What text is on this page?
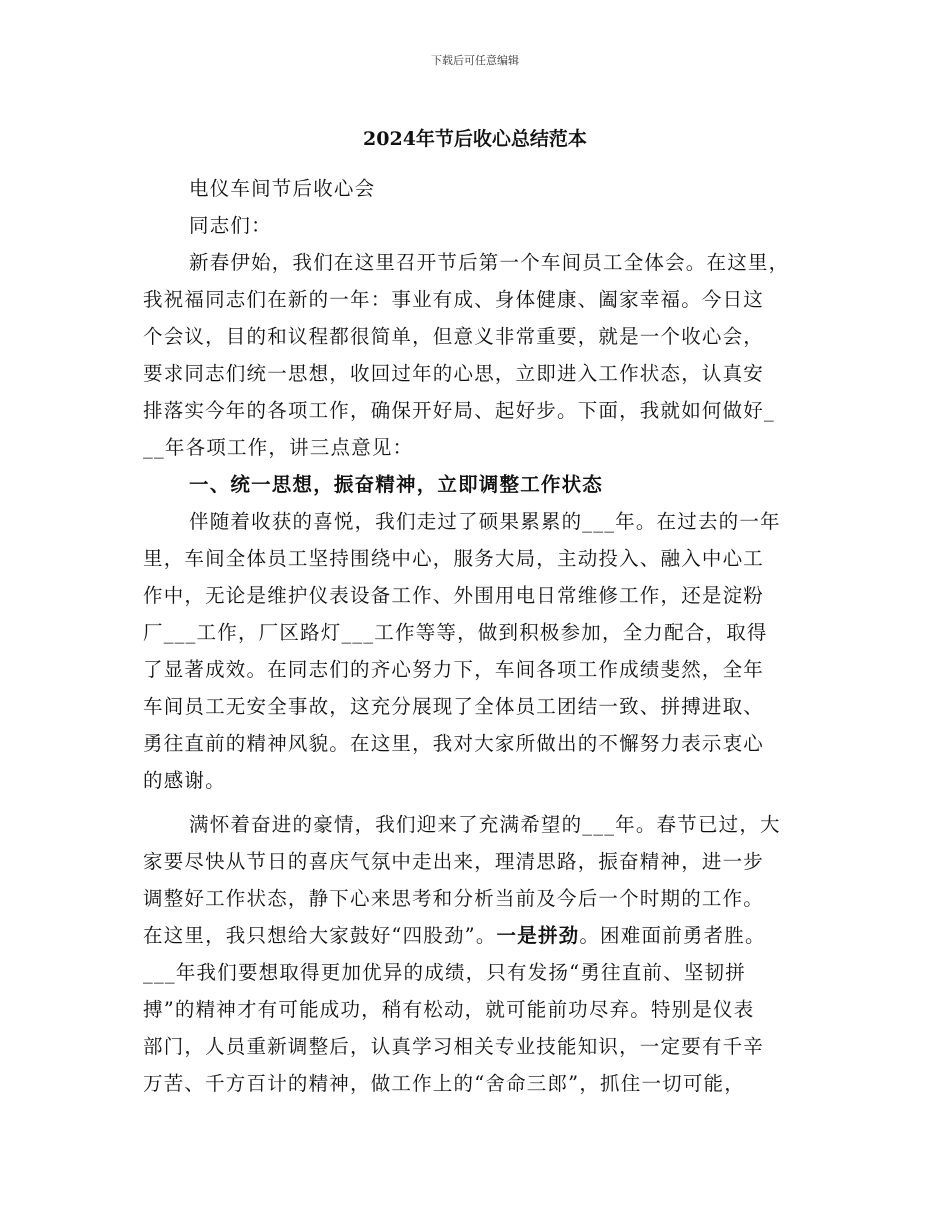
下载后可任意编辑
2024年节后收心总结范本
电仪车间节后收心会
同志们：
新春伊始，我们在这里召开节后第一个车间员工全体会。在这里，
我祝福同志们在新的一年：事业有成、身体健康、阖家幸福。今日这
个会议，目的和议程都很简单，但意义非常重要，就是一个收心会，
要求同志们统一思想，收回过年的心思，立即进入工作状态，认真安
排落实今年的各项工作，确保开好局、起好步。下面，我就如何做好_
__年各项工作，讲三点意见：
一、统一思想，振奋精神，立即调整工作状态
伴随着收获的喜悦，我们走过了硕果累累的___年。在过去的一年
里，车间全体员工坚持围绕中心，服务大局，主动投入、融入中心工
作中，无论是维护仪表设备工作、外围用电日常维修工作，还是淀粉
厂___工作，厂区路灯___工作等等，做到积极参加，全力配合，取得
了显著成效。在同志们的齐心努力下，车间各项工作成绩斐然，全年
车间员工无安全事故，这充分展现了全体员工团结一致、拼搏进取、
勇往直前的精神风貌。在这里，我对大家所做出的不懈努力表示衷心
的感谢。
满怀着奋进的豪情，我们迎来了充满希望的___年。春节已过，大
家要尽快从节日的喜庆气氛中走出来，理清思路，振奋精神，进一步
调整好工作状态，静下心来思考和分析当前及今后一个时期的工作。
在这里，我只想给大家鼓好“四股劲”。一是拼劲。困难面前勇者胜。
___年我们要想取得更加优异的成绩，只有发扬“勇往直前、坚韧拼
搏”的精神才有可能成功，稍有松动，就可能前功尽弃。特别是仪表
部门，人员重新调整后，认真学习相关专业技能知识，一定要有千辛
万苦、千方百计的精神，做工作上的“舍命三郎”，抓住一切可能，
